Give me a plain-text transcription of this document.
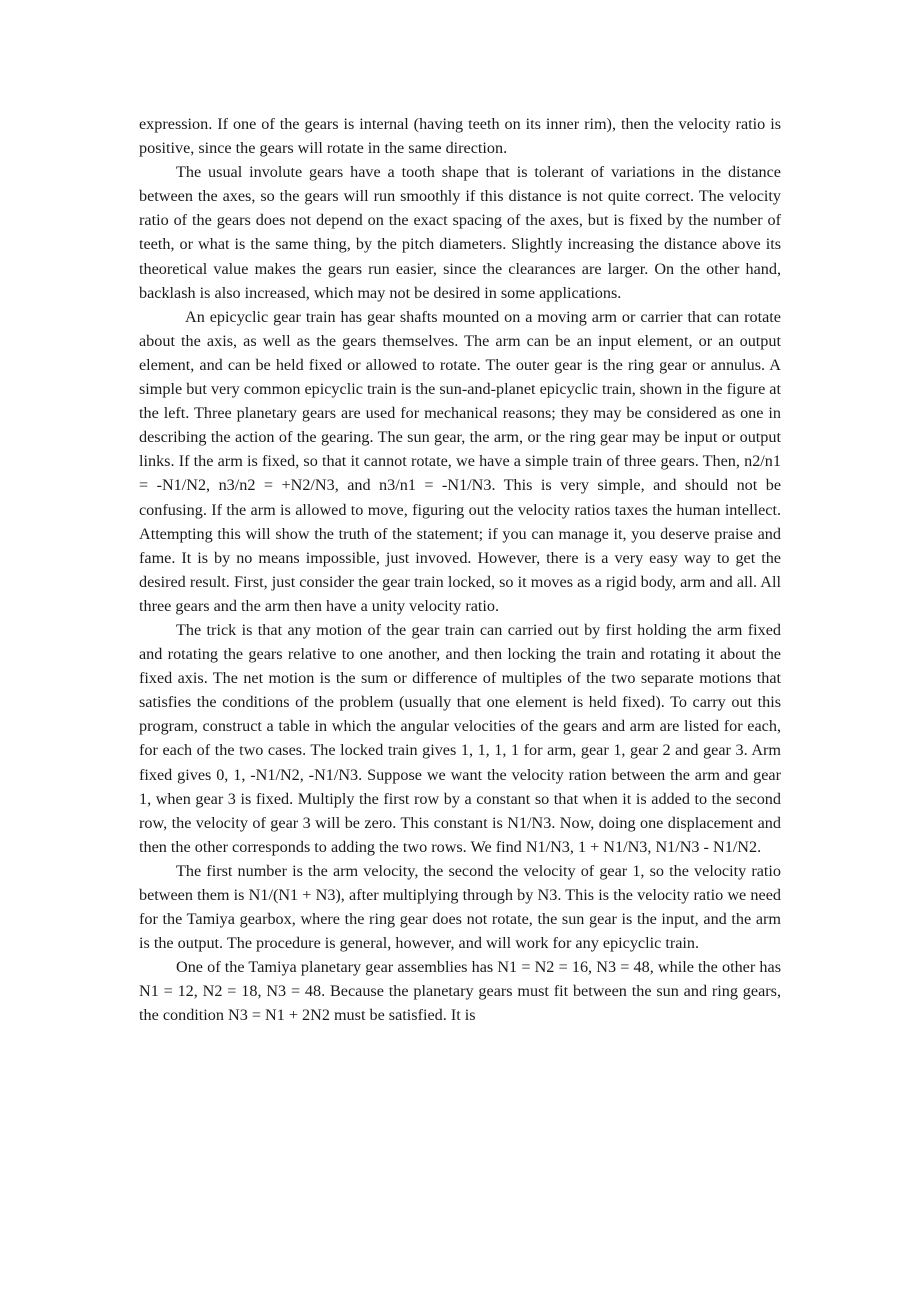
expression. If one of the gears is internal (having teeth on its inner rim), then the velocity ratio is positive, since the gears will rotate in the same direction.

The usual involute gears have a tooth shape that is tolerant of variations in the distance between the axes, so the gears will run smoothly if this distance is not quite correct. The velocity ratio of the gears does not depend on the exact spacing of the axes, but is fixed by the number of teeth, or what is the same thing, by the pitch diameters. Slightly increasing the distance above its theoretical value makes the gears run easier, since the clearances are larger. On the other hand, backlash is also increased, which may not be desired in some applications.

An epicyclic gear train has gear shafts mounted on a moving arm or carrier that can rotate about the axis, as well as the gears themselves. The arm can be an input element, or an output element, and can be held fixed or allowed to rotate. The outer gear is the ring gear or annulus. A simple but very common epicyclic train is the sun-and-planet epicyclic train, shown in the figure at the left. Three planetary gears are used for mechanical reasons; they may be considered as one in describing the action of the gearing. The sun gear, the arm, or the ring gear may be input or output links. If the arm is fixed, so that it cannot rotate, we have a simple train of three gears. Then, n2/n1 = -N1/N2, n3/n2 = +N2/N3, and n3/n1 = -N1/N3. This is very simple, and should not be confusing. If the arm is allowed to move, figuring out the velocity ratios taxes the human intellect. Attempting this will show the truth of the statement; if you can manage it, you deserve praise and fame. It is by no means impossible, just invoved. However, there is a very easy way to get the desired result. First, just consider the gear train locked, so it moves as a rigid body, arm and all. All three gears and the arm then have a unity velocity ratio.

The trick is that any motion of the gear train can carried out by first holding the arm fixed and rotating the gears relative to one another, and then locking the train and rotating it about the fixed axis. The net motion is the sum or difference of multiples of the two separate motions that satisfies the conditions of the problem (usually that one element is held fixed). To carry out this program, construct a table in which the angular velocities of the gears and arm are listed for each, for each of the two cases. The locked train gives 1, 1, 1, 1 for arm, gear 1, gear 2 and gear 3. Arm fixed gives 0, 1, -N1/N2, -N1/N3. Suppose we want the velocity ration between the arm and gear 1, when gear 3 is fixed. Multiply the first row by a constant so that when it is added to the second row, the velocity of gear 3 will be zero. This constant is N1/N3. Now, doing one displacement and then the other corresponds to adding the two rows. We find N1/N3, 1 + N1/N3, N1/N3 - N1/N2.

The first number is the arm velocity, the second the velocity of gear 1, so the velocity ratio between them is N1/(N1 + N3), after multiplying through by N3. This is the velocity ratio we need for the Tamiya gearbox, where the ring gear does not rotate, the sun gear is the input, and the arm is the output. The procedure is general, however, and will work for any epicyclic train.

One of the Tamiya planetary gear assemblies has N1 = N2 = 16, N3 = 48, while the other has N1 = 12, N2 = 18, N3 = 48. Because the planetary gears must fit between the sun and ring gears, the condition N3 = N1 + 2N2 must be satisfied. It is
